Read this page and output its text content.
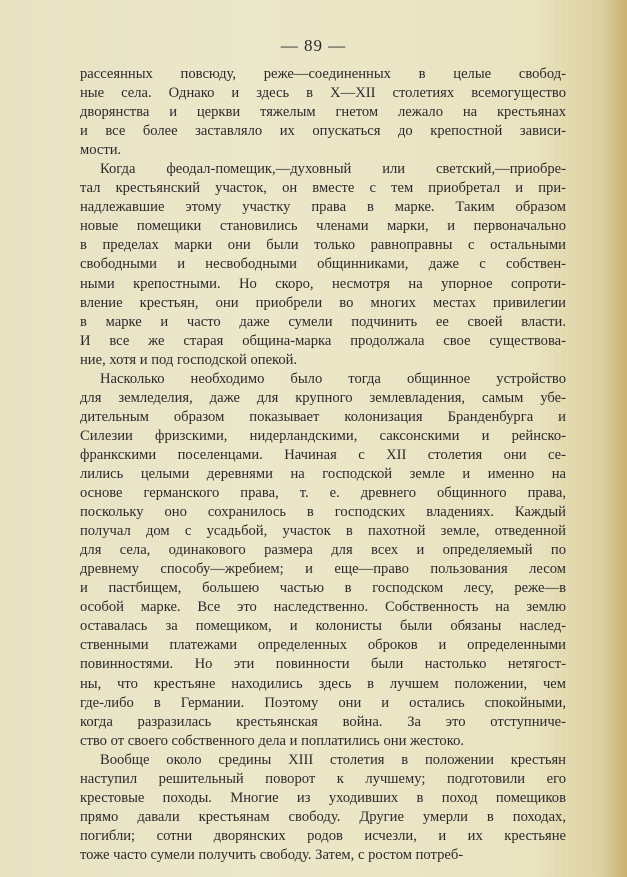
— 89 —
рассеянных повсюду, реже—соединенных в целые свобод-
ные села. Однако и здесь в X—XII столетиях всемогущество
дворянства и церкви тяжелым гнетом лежало на крестьянах
и все более заставляло их опускаться до крепостной зависи-
мости.
Когда феодал-помещик,—духовный или светский,—приобре-
тал крестьянский участок, он вместе с тем приобретал и при-
надлежавшие этому участку права в марке. Таким образом
новые помещики становились членами марки, и первоначально
в пределах марки они были только равноправны с остальными
свободными и несвободными общинниками, даже с собствен-
ными крепостными. Но скоро, несмотря на упорное сопроти-
вление крестьян, они приобрели во многих местах привилегии
в марке и часто даже сумели подчинить ее своей власти.
И все же старая община-марка продолжала свое существова-
ние, хотя и под господской опекой.
Насколько необходимо было тогда общинное устройство
для земледелия, даже для крупного землевладения, самым убе-
дительным образом показывает колонизация Бранденбурга и
Силезии фризскими, нидерландскими, саксонскими и рейнско-
франкскими поселенцами. Начиная с XII столетия они се-
лились целыми деревнями на господской земле и именно на
основе германского права, т. е. древнего общинного права,
поскольку оно сохранилось в господских владениях. Каждый
получал дом с усадьбой, участок в пахотной земле, отведенной
для села, одинакового размера для всех и определяемый по
древнему способу—жребием; и еще—право пользования лесом
и пастбищем, большею частью в господском лесу, реже—в
особой марке. Все это наследственно. Собственность на землю
оставалась за помещиком, и колонисты были обязаны наслед-
ственными платежами определенных оброков и определенными
повинностями. Но эти повинности были настолько нетягост-
ны, что крестьяне находились здесь в лучшем положении, чем
где-либо в Германии. Поэтому они и остались спокойными,
когда разразилась крестьянская война. За это отступниче-
ство от своего собственного дела и поплатились они жестоко.
Вообще около средины XIII столетия в положении крестьян
наступил решительный поворот к лучшему; подготовили его
крестовые походы. Многие из уходивших в поход помещиков
прямо давали крестьянам свободу. Другие умерли в походах,
погибли; сотни дворянских родов исчезли, и их крестьяне
тоже часто сумели получить свободу. Затем, с ростом потреб-
